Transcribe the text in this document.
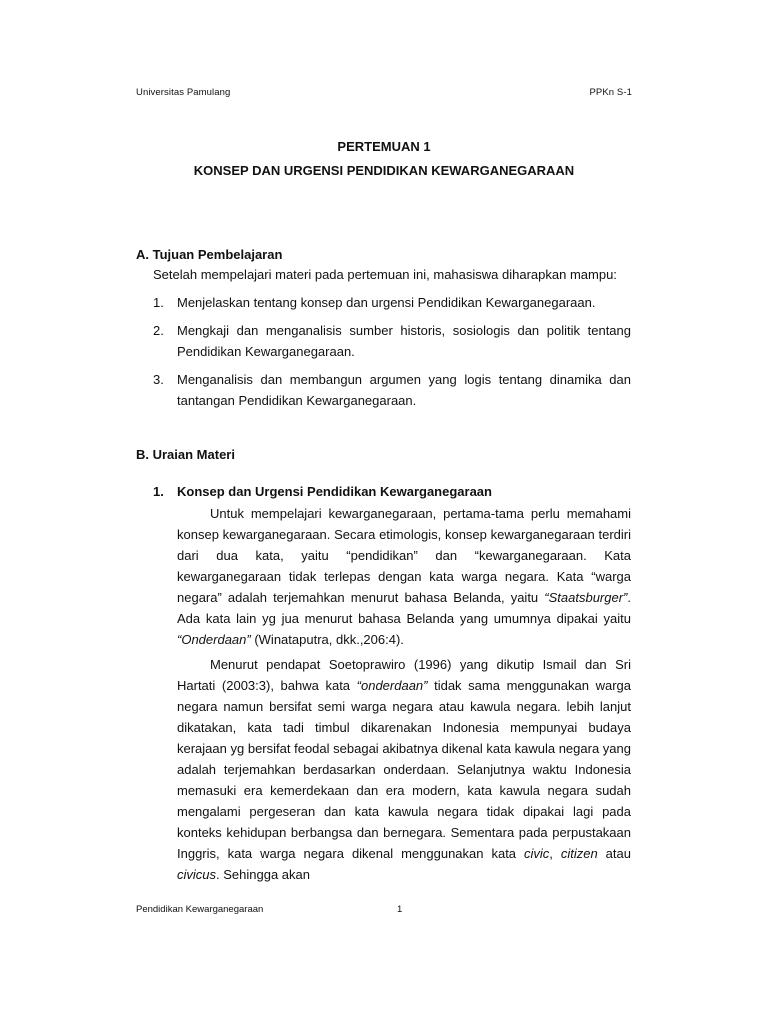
Universitas Pamulang	PPKn S-1
PERTEMUAN 1
KONSEP DAN URGENSI PENDIDIKAN KEWARGANEGARAAN
A. Tujuan Pembelajaran
Setelah mempelajari materi pada pertemuan ini, mahasiswa diharapkan mampu:
1. Menjelaskan tentang konsep dan urgensi Pendidikan Kewarganegaraan.
2. Mengkaji dan menganalisis sumber historis, sosiologis dan politik tentang Pendidikan Kewarganegaraan.
3. Menganalisis dan membangun argumen yang logis tentang dinamika dan tantangan Pendidikan Kewarganegaraan.
B. Uraian Materi
1. Konsep dan Urgensi Pendidikan Kewarganegaraan

Untuk mempelajari kewarganegaraan, pertama-tama perlu memahami konsep kewarganegaraan. Secara etimologis, konsep kewarganegaraan terdiri dari dua kata, yaitu “pendidikan” dan “kewarganegaraan. Kata kewarganegaraan tidak terlepas dengan kata warga negara. Kata “warga negara” adalah terjemahkan menurut bahasa Belanda, yaitu “Staatsburger”. Ada kata lain yg jua menurut bahasa Belanda yang umumnya dipakai yaitu “Onderdaan” (Winataputra, dkk.,206:4).

Menurut pendapat Soetoprawiro (1996) yang dikutip Ismail dan Sri Hartati (2003:3), bahwa kata “onderdaan” tidak sama menggunakan warga negara namun bersifat semi warga negara atau kawula negara. lebih lanjut dikatakan, kata tadi timbul dikarenakan Indonesia mempunyai budaya kerajaan yg bersifat feodal sebagai akibatnya dikenal kata kawula negara yang adalah terjemahkan berdasarkan onderdaan. Selanjutnya waktu Indonesia memasuki era kemerdekaan dan era modern, kata kawula negara sudah mengalami pergeseran dan kata kawula negara tidak dipakai lagi pada konteks kehidupan berbangsa dan bernegara. Sementara pada perpustakaan Inggris, kata warga negara dikenal menggunakan kata civic, citizen atau civicus. Sehingga akan

Pendidikan Kewarganegaraan	1
